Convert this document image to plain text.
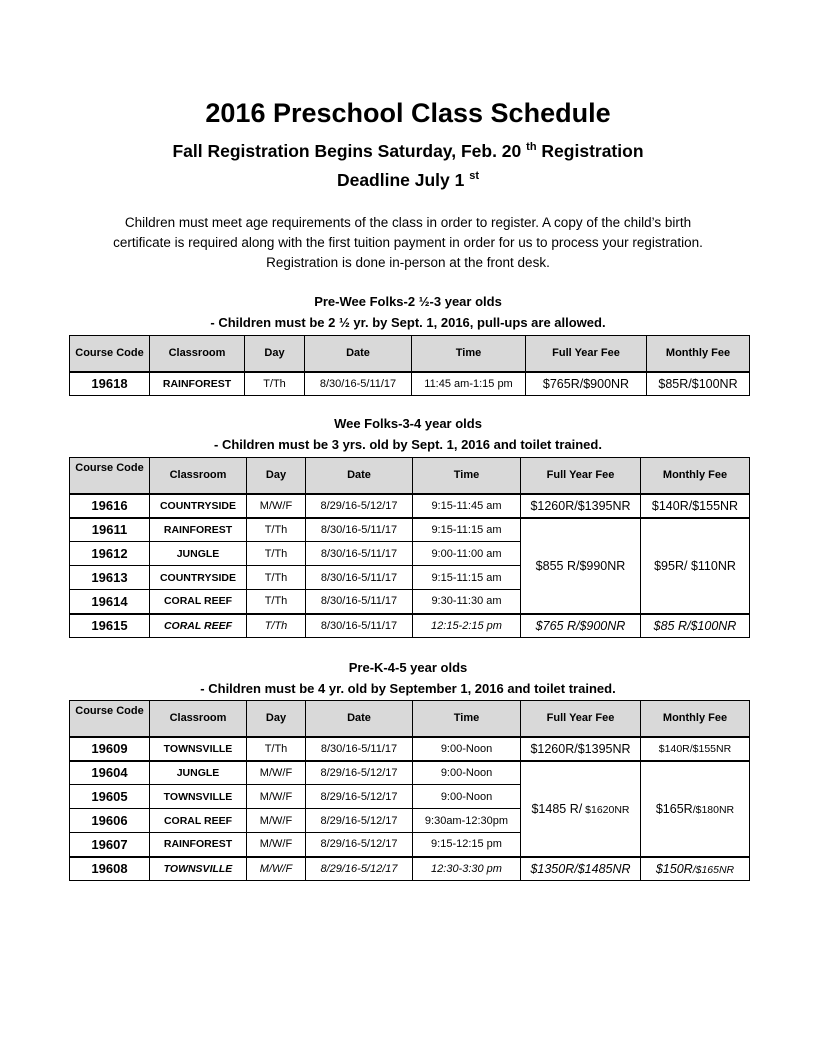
2016 Preschool Class Schedule
Fall Registration Begins Saturday, Feb. 20 $^{th}$ Registration
Deadline July 1 $^{st}$
Children must meet age requirements of the class in order to register. A copy of the child’s birth
certificate is required along with the first tuition payment in order for us to process your registration.
Registration is done in-person at the front desk.
Pre-Wee Folks-2 ½-3 year olds
- Children must be 2 ½ yr. by Sept. 1, 2016, pull-ups are allowed.
Course Code	Classroom	Day	Date	Time	Full Year Fee	Monthly Fee
19618	RAINFOREST	T/Th	8/30/16-5/11/17	11:45 am-1:15 pm	$765R/$900NR	$85R/$100NR
Wee Folks-3-4 year olds
- Children must be 3 yrs. old by Sept. 1, 2016 and toilet trained.
Course Code	Classroom	Day	Date	Time	Full Year Fee	Monthly Fee
19616	COUNTRYSIDE	M/W/F	8/29/16-5/12/17	9:15-11:45 am	$1260R/$1395NR	$140R/$155NR
19611	RAINFOREST	T/Th	8/30/16-5/11/17	9:15-11:15 am	$855 R/$990NR	$95R/ $110NR
19612	JUNGLE	T/Th	8/30/16-5/11/17	9:00-11:00 am		
19613	COUNTRYSIDE	T/Th	8/30/16-5/11/17	9:15-11:15 am		
19614	CORAL REEF	T/Th	8/30/16-5/11/17	9:30-11:30 am		
19615	CORAL REEF	T/Th	8/30/16-5/11/17	12:15-2:15 pm	$765 R/$900NR	$85 R/$100NR
Pre-K-4-5 year olds
- Children must be 4 yr. old by September 1, 2016 and toilet trained.
Course Code	Classroom	Day	Date	Time	Full Year Fee	Monthly Fee
19609	TOWNSVILLE	T/Th	8/30/16-5/11/17	9:00-Noon	$1260R/$1395NR	$140R/$155NR
19604	JUNGLE	M/W/F	8/29/16-5/12/17	9:00-Noon	$1485 R/ $1620NR	$165R/$180NR
19605	TOWNSVILLE	M/W/F	8/29/16-5/12/17	9:00-Noon		
19606	CORAL REEF	M/W/F	8/29/16-5/12/17	9:30am-12:30pm		
19607	RAINFOREST	M/W/F	8/29/16-5/12/17	9:15-12:15 pm		
19608	TOWNSVILLE	M/W/F	8/29/16-5/12/17	12:30-3:30 pm	$1350R/$1485NR	$150R/$165NR
